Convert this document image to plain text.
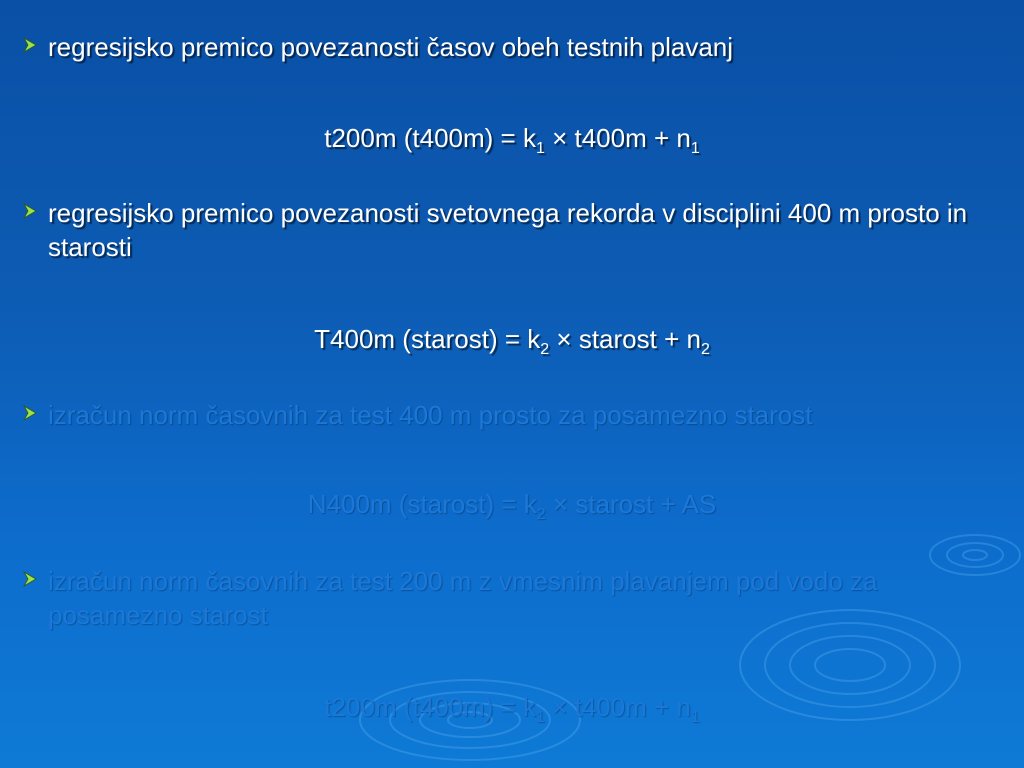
regresijsko premico povezanosti časov obeh testnih plavanj
t200m $(t400m) = k_1 \times t400m + n_1$
regresijsko premico povezanosti svetovnega rekorda v disciplini 400 m prosto in starosti
T400m (starost) = $k_2$ × starost + $n_2$
izračun norm časovnih za test 400 m prosto za posamezno starost
N400m (starost) = $k_2$ × starost + AS
izračun norm časovnih za test 200 m z vmesnim plavanjem pod vodo za posamezno starost
t200m $(t400m) = k_1 \times t400m + n_1$
